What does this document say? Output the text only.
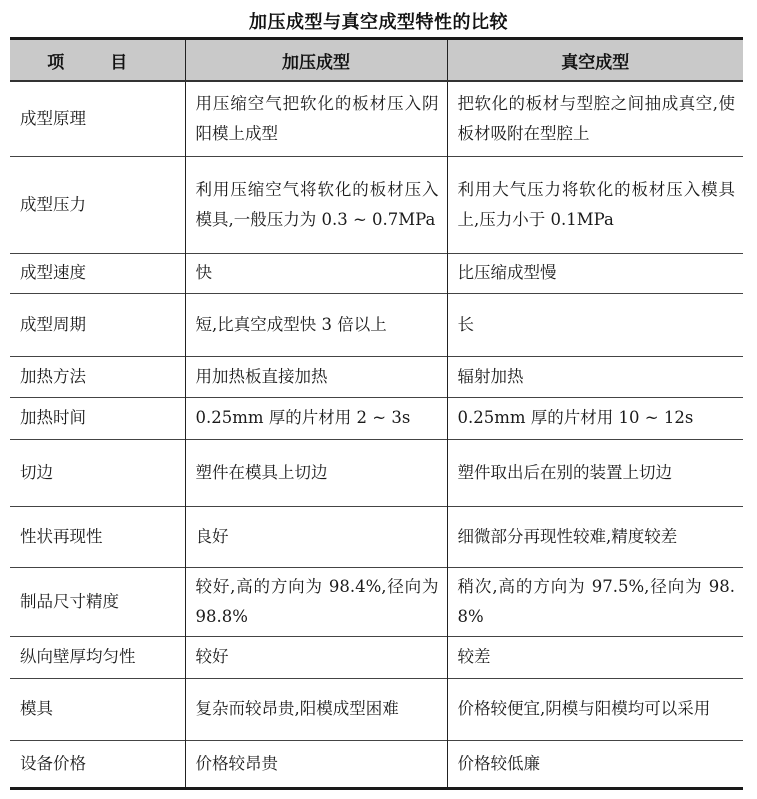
加压成型与真空成型特性的比较
项 目	加压成型	真空成型
成型原理	用压缩空气把软化的板材压入阴阳模上成型	把软化的板材与型腔之间抽成真空,使板材吸附在型腔上
成型压力	利用压缩空气将软化的板材压入模具,一般压力为 0.3 ~ 0.7MPa	利用大气压力将软化的板材压入模具上,压力小于 0.1MPa
成型速度	快	比压缩成型慢
成型周期	短,比真空成型快 3 倍以上	长
加热方法	用加热板直接加热	辐射加热
加热时间	0.25mm 厚的片材用 2 ~ 3s	0.25mm 厚的片材用 10 ~ 12s
切边	塑件在模具上切边	塑件取出后在别的装置上切边
性状再现性	良好	细微部分再现性较难,精度较差
制品尺寸精度	较好,高的方向为 98.4%,径向为 98.8%	稍次,高的方向为 97.5%,径向为 98.8%
纵向壁厚均匀性	较好	较差
模具	复杂而较昂贵,阳模成型困难	价格较便宜,阴模与阳模均可以采用
设备价格	价格较昂贵	价格较低廉
